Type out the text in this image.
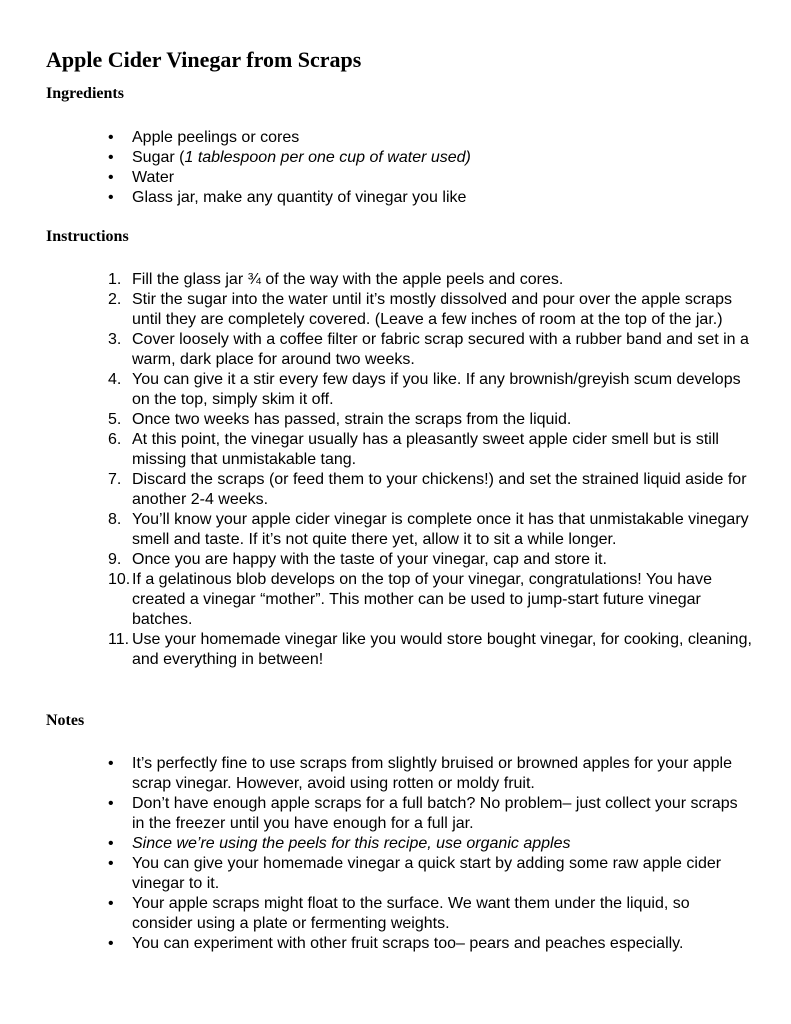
Apple Cider Vinegar from Scraps
Ingredients
• Apple peelings or cores
• Sugar (1 tablespoon per one cup of water used)
• Water
• Glass jar, make any quantity of vinegar you like
Instructions
1. Fill the glass jar ¾ of the way with the apple peels and cores.
2. Stir the sugar into the water until it’s mostly dissolved and pour over the apple scraps until they are completely covered. (Leave a few inches of room at the top of the jar.)
3. Cover loosely with a coffee filter or fabric scrap secured with a rubber band and set in a warm, dark place for around two weeks.
4. You can give it a stir every few days if you like. If any brownish/greyish scum develops on the top, simply skim it off.
5. Once two weeks has passed, strain the scraps from the liquid.
6. At this point, the vinegar usually has a pleasantly sweet apple cider smell but is still missing that unmistakable tang.
7. Discard the scraps (or feed them to your chickens!) and set the strained liquid aside for another 2-4 weeks.
8. You’ll know your apple cider vinegar is complete once it has that unmistakable vinegary smell and taste. If it’s not quite there yet, allow it to sit a while longer.
9. Once you are happy with the taste of your vinegar, cap and store it.
10. If a gelatinous blob develops on the top of your vinegar, congratulations! You have created a vinegar “mother”. This mother can be used to jump-start future vinegar batches.
11. Use your homemade vinegar like you would store bought vinegar, for cooking, cleaning, and everything in between!
Notes
• It’s perfectly fine to use scraps from slightly bruised or browned apples for your apple scrap vinegar. However, avoid using rotten or moldy fruit.
• Don’t have enough apple scraps for a full batch? No problem– just collect your scraps in the freezer until you have enough for a full jar.
• Since we’re using the peels for this recipe, use organic apples
• You can give your homemade vinegar a quick start by adding some raw apple cider vinegar to it.
• Your apple scraps might float to the surface. We want them under the liquid, so consider using a plate or fermenting weights.
• You can experiment with other fruit scraps too– pears and peaches especially.
